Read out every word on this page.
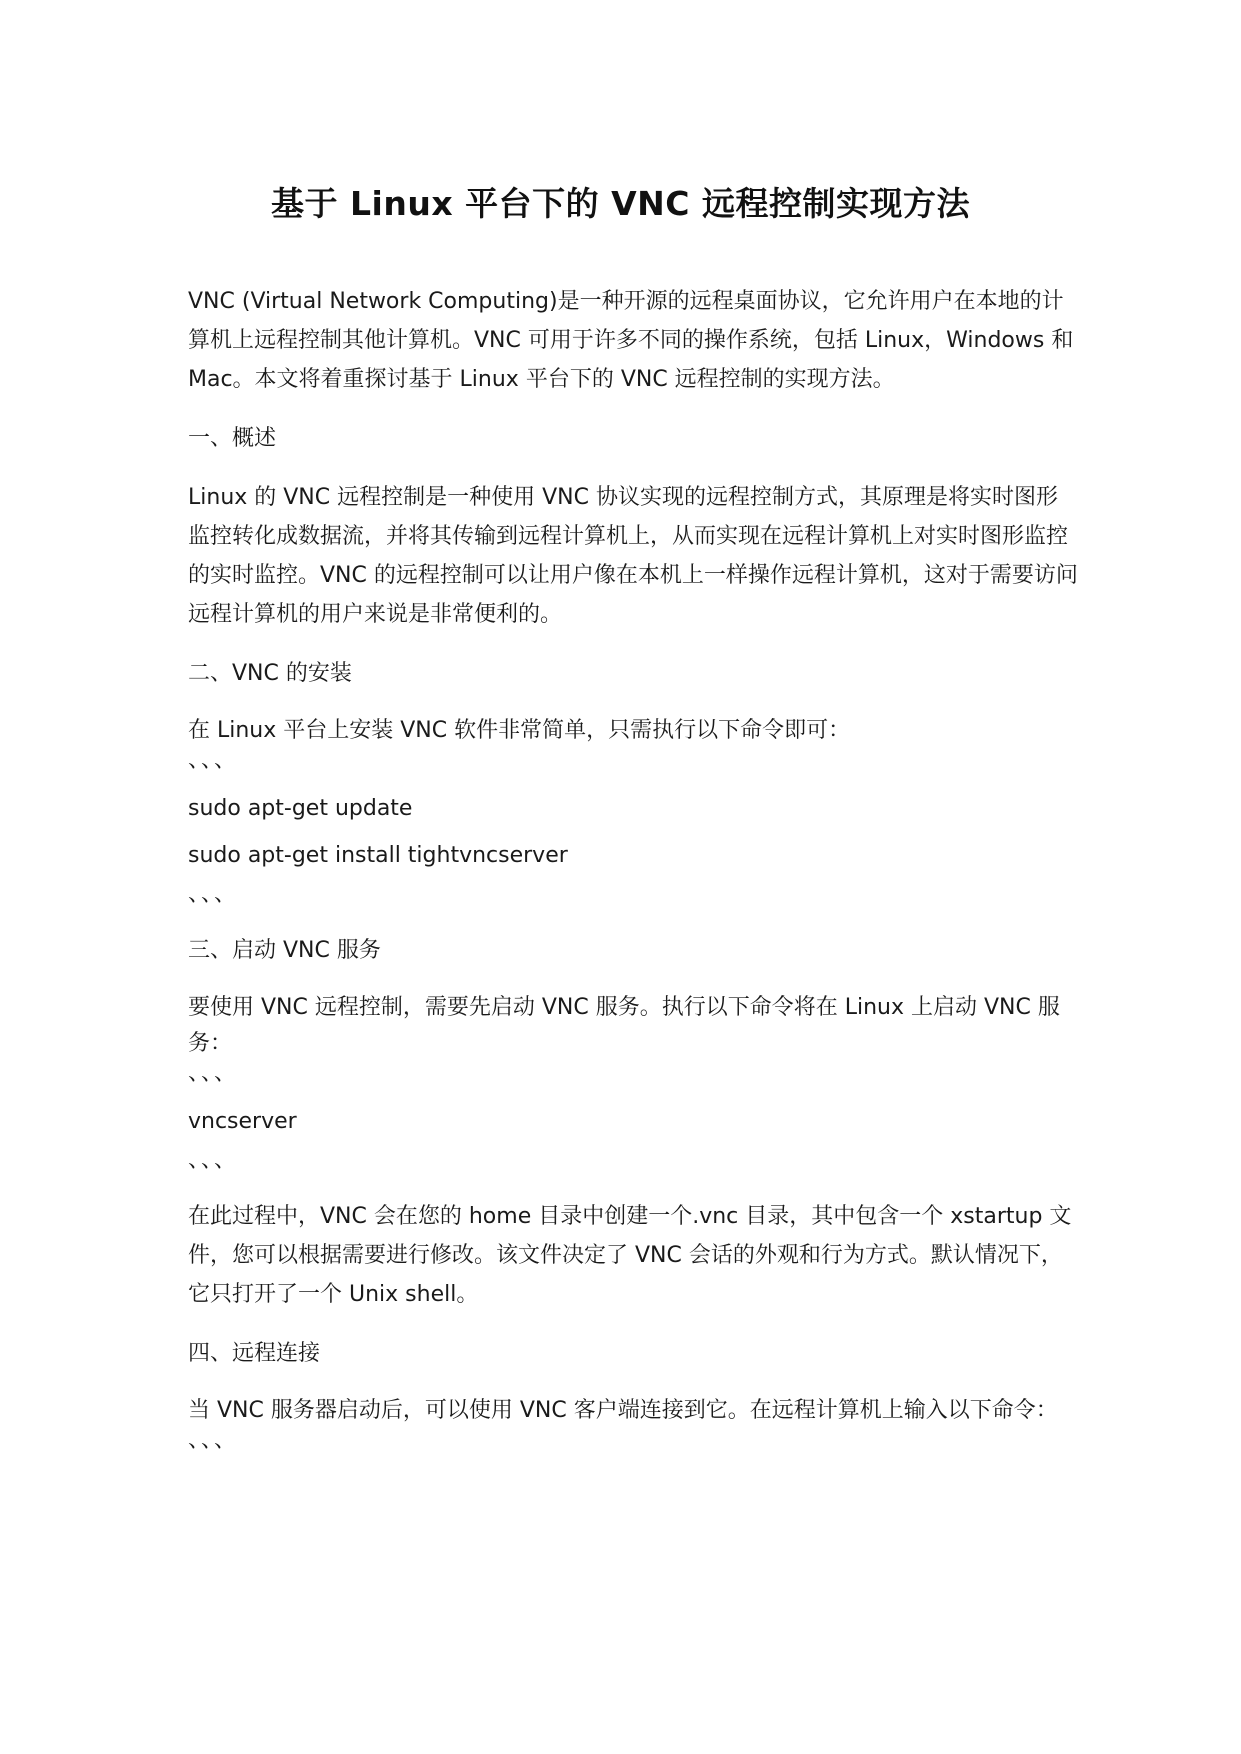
基于 Linux 平台下的 VNC 远程控制实现方法

VNC (Virtual Network Computing)是一种开源的远程桌面协议，它允许用户在本地的计算机上远程控制其他计算机。VNC 可用于许多不同的操作系统，包括 Linux，Windows 和 Mac。本文将着重探讨基于 Linux 平台下的 VNC 远程控制的实现方法。

一、概述

Linux 的 VNC 远程控制是一种使用 VNC 协议实现的远程控制方式，其原理是将实时图形监控转化成数据流，并将其传输到远程计算机上，从而实现在远程计算机上对实时图形监控的实时监控。VNC 的远程控制可以让用户像在本机上一样操作远程计算机，这对于需要访问远程计算机的用户来说是非常便利的。

二、VNC 的安装

在 Linux 平台上安装 VNC 软件非常简单，只需执行以下命令即可：

、、、

sudo apt-get update

sudo apt-get install tightvncserver

、、、

三、启动 VNC 服务

要使用 VNC 远程控制，需要先启动 VNC 服务。执行以下命令将在 Linux 上启动 VNC 服务：

、、、

vncserver

、、、

在此过程中，VNC 会在您的 home 目录中创建一个.vnc 目录，其中包含一个 xstartup 文件，您可以根据需要进行修改。该文件决定了 VNC 会话的外观和行为方式。默认情况下，它只打开了一个 Unix shell。

四、远程连接

当 VNC 服务器启动后，可以使用 VNC 客户端连接到它。在远程计算机上输入以下命令：

、、、
